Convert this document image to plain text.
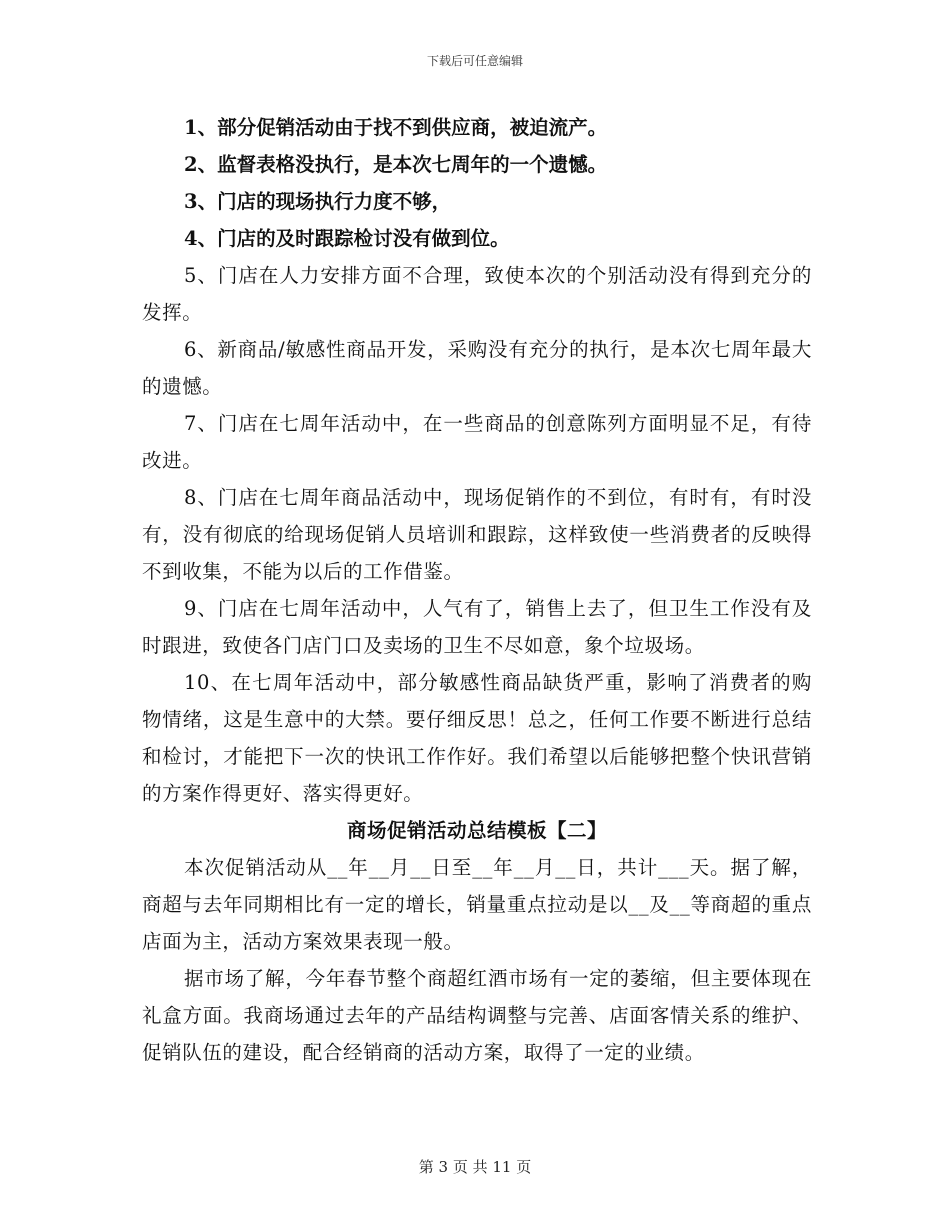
下载后可任意编辑
1、部分促销活动由于找不到供应商，被迫流产。
2、监督表格没执行，是本次七周年的一个遗憾。
3、门店的现场执行力度不够，
4、门店的及时跟踪检讨没有做到位。

5、门店在人力安排方面不合理，致使本次的个别活动没有得到充分的发挥。

6、新商品/敏感性商品开发，采购没有充分的执行，是本次七周年最大的遗憾。

7、门店在七周年活动中，在一些商品的创意陈列方面明显不足，有待改进。

8、门店在七周年商品活动中，现场促销作的不到位，有时有，有时没有，没有彻底的给现场促销人员培训和跟踪，这样致使一些消费者的反映得不到收集，不能为以后的工作借鉴。

9、门店在七周年活动中，人气有了，销售上去了，但卫生工作没有及时跟进，致使各门店门口及卖场的卫生不尽如意，象个垃圾场。

10、在七周年活动中，部分敏感性商品缺货严重，影响了消费者的购物情绪，这是生意中的大禁。要仔细反思！总之，任何工作要不断进行总结和检讨，才能把下一次的快讯工作作好。我们希望以后能够把整个快讯营销的方案作得更好、落实得更好。

商场促销活动总结模板【二】

本次促销活动从__年__月__日至__年__月__日，共计___天。据了解，商超与去年同期相比有一定的增长，销量重点拉动是以__及__等商超的重点店面为主，活动方案效果表现一般。

据市场了解，今年春节整个商超红酒市场有一定的萎缩，但主要体现在礼盒方面。我商场通过去年的产品结构调整与完善、店面客情关系的维护、促销队伍的建设，配合经销商的活动方案，取得了一定的业绩。

第 3 页 共 11 页
